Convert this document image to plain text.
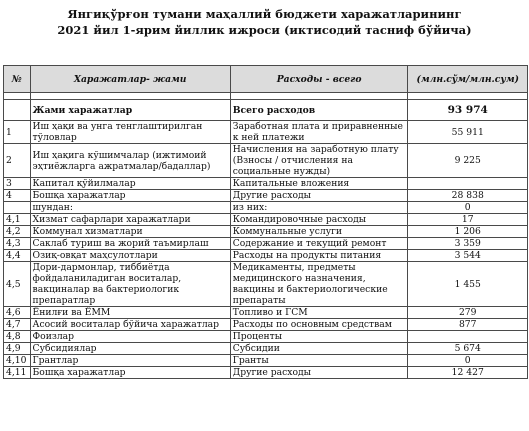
Янгиқўрғон тумани маҳаллий бюджети харажатларининг
2021 йил 1-ярим йиллик ижроси (иктисодий тасниф бўйича)
№	Харажатлар- жами	Расходы - всего	(млн.сўм/млн.сум)

	Жами харажатлар	Всего расходов	93 974
1	Иш ҳақи ва унга тенглаштирилган тўловлар	Заработная плата и приравненные к ней платежи	55 911
2	Иш ҳақига кўшимчалар (ижтимоий эҳтиёжларга ажратмалар/бадаллар)	Начисления на заработную плату (Взносы / отчисления на социальные нужды)	9 225
3	Капитал қўйилмалар	Капитальные вложения	
4	Бошқа харажатлар	Другие расходы	28 838
	шундан:	из них:	0
4,1	Хизмат сафарлари харажатлари	Командировочные расходы	17
4,2	Коммунал хизматлари	Коммунальные услуги	1 206
4,3	Саклаб туриш ва жорий таъмирлаш	Содержание и текущий ремонт	3 359
4,4	Озиқ-овқат маҳсулотлари	Расходы на продукты питания	3 544
4,5	Дори-дармонлар, тиббиётда фойдаланиладиган воситалар, вакциналар ва бактериологик препаратлар	Медикаменты, предметы медицинского назначения, вакцины и бактериологические препараты	1 455
4,6	Ёнилғи ва ЁММ	Топливо и ГСМ	279
4,7	Асосий воситалар бўйича харажатлар	Расходы по основным средствам	877
4,8	Фоизлар	Проценты	
4,9	Субсидиялар	Субсидии	5 674
4,10	Грантлар	Гранты	0
4,11	Бошқа харажатлар	Другие расходы	12 427
